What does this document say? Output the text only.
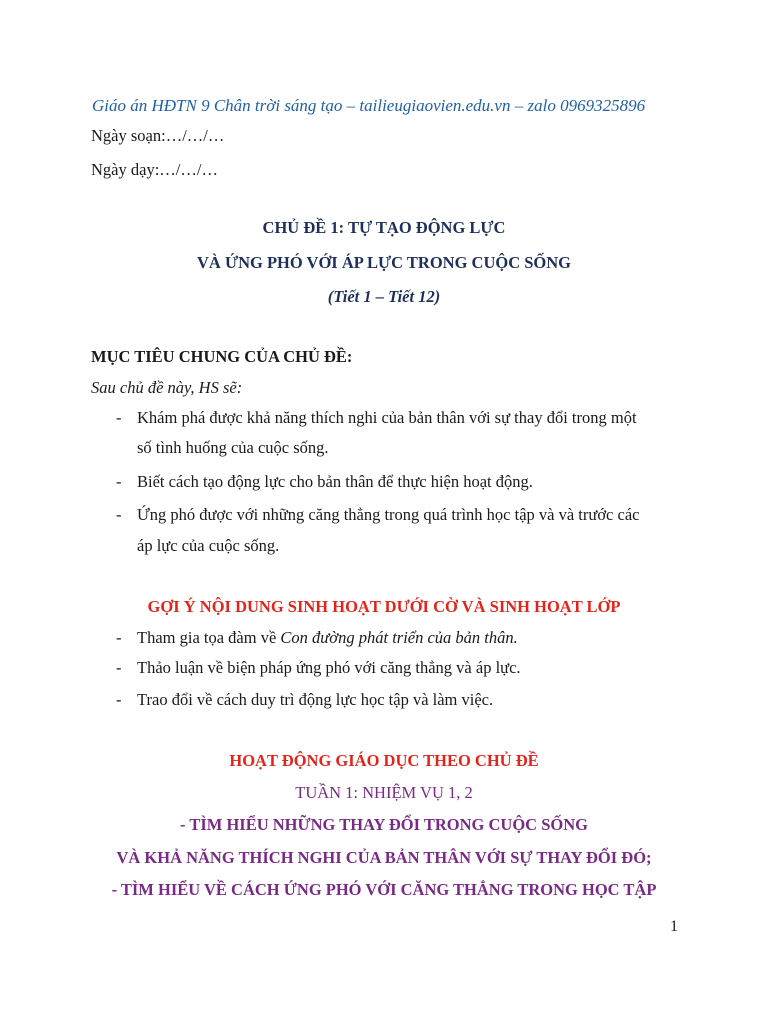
Giáo án HĐTN 9 Chân trời sáng tạo – tailieugiaovien.edu.vn – zalo 0969325896
Ngày soạn:…/…/…
Ngày dạy:…/…/…
CHỦ ĐỀ 1: TỰ TẠO ĐỘNG LỰC
VÀ ỨNG PHÓ VỚI ÁP LỰC TRONG CUỘC SỐNG
(Tiết 1 – Tiết 12)
MỤC TIÊU CHUNG CỦA CHỦ ĐỀ:
Sau chủ đề này, HS sẽ:
- Khám phá được khả năng thích nghi của bản thân với sự thay đổi trong một
số tình huống của cuộc sống.
- Biết cách tạo động lực cho bản thân để thực hiện hoạt động.
- Ứng phó được với những căng thẳng trong quá trình học tập và và trước các
áp lực của cuộc sống.
GỢI Ý NỘI DUNG SINH HOẠT DƯỚI CỜ VÀ SINH HOẠT LỚP
- Tham gia tọa đàm về Con đường phát triển của bản thân.
- Thảo luận về biện pháp ứng phó với căng thẳng và áp lực.
- Trao đổi về cách duy trì động lực học tập và làm việc.
HOẠT ĐỘNG GIÁO DỤC THEO CHỦ ĐỀ
TUẦN 1: NHIỆM VỤ 1, 2
- TÌM HIỂU NHỮNG THAY ĐỔI TRONG CUỘC SỐNG
VÀ KHẢ NĂNG THÍCH NGHI CỦA BẢN THÂN VỚI SỰ THAY ĐỔI ĐÓ;
- TÌM HIỂU VỀ CÁCH ỨNG PHÓ VỚI CĂNG THẲNG TRONG HỌC TẬP
1
